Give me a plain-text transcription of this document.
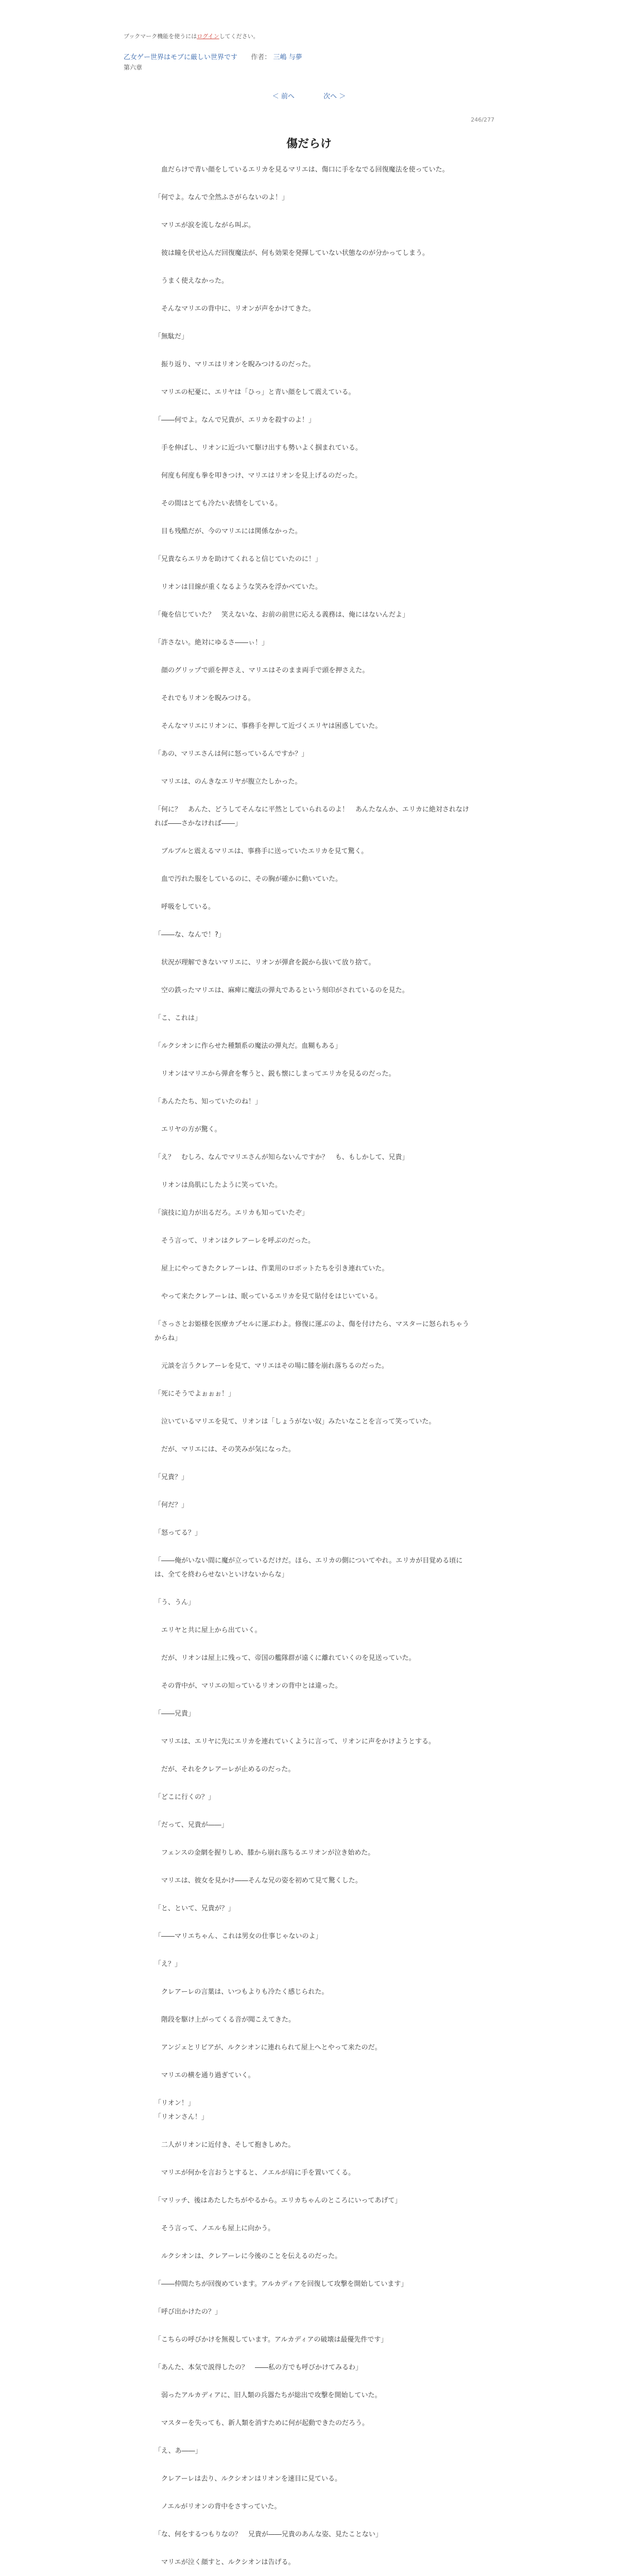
ブックマーク機能を使うにはログインしてください。
乙女ゲー世界はモブに厳しい世界です 作者： 三嶋 与夢
第六章
＜ 前へ	次へ ＞
246/277
傷だらけ

　血だらけで青い顔をしているエリカを見るマリエは、傷口に手をなでる回復魔法を使っていた。

「何でよ。なんで全然ふさがらないのよ！」

　マリエが涙を流しながら叫ぶ。

　彼は瞳を伏せ込んだ回復魔法が、何も効果を発揮していない状態なのが分かってしまう。

　うまく使えなかった。

　そんなマリエの背中に、リオンが声をかけてきた。

「無駄だ」

　振り返り、マリエはリオンを睨みつけるのだった。

　マリエの杞憂に、エリヤは「ひっ」と青い顔をして震えている。

「――何でよ。なんで兄貴が、エリカを殺すのよ！」

　手を伸ばし、リオンに近づいて駆け出すも勢いよく掴まれている。

　何度も何度も拳を叩きつけ、マリエはリオンを見上げるのだった。

　その間はとても冷たい表情をしている。

　目も残酷だが、今のマリエには関係なかった。

「兄貴ならエリカを助けてくれると信じていたのに！」

　リオンは目線が重くなるような笑みを浮かべていた。

「俺を信じていた？　笑えないな、お前の前世に応える義務は、俺にはないんだよ」

「許さない。絶対にゆるさ――ぃ！」

　顔のグリップで頭を押さえ、マリエはそのまま両手で頭を押さえた。

　それでもリオンを睨みつける。

　そんなマリエにリオンに、事務手を押して近づくエリヤは困惑していた。

「あの、マリエさんは何に怒っているんですか？」

　マリエは、のんきなエリヤが腹立たしかった。

「何に？　あんた、どうしてそんなに平然としていられるのよ！　あんたなんか、エリカに絶対されなければ――さかなければ――」

　ブルブルと震えるマリエは、事務手に送っていたエリカを見て驚く。

　血で汚れた服をしているのに、その胸が確かに動いていた。

　呼吸をしている。

「――な、なんで！?」

　状況が理解できないマリエに、リオンが弾倉を鋭から抜いて放り捨て。

　空の鉄ったマリエは、麻痺に魔法の弾丸であるという刻印がされているのを見た。

「こ、これは」

「ルクシオンに作らせた種類系の魔法の弾丸だ。血糊もある」

　リオンはマリエから弾倉を奪うと、鋭も懐にしまってエリカを見るのだった。

「あんたたち、知っていたのね！」

　エリヤの方が驚く。

「え？　むしろ、なんでマリエさんが知らないんですか？　も、もしかして、兄貴」

　リオンは鳥肌にしたように笑っていた。

「演技に迫力が出るだろ。エリカも知っていたぞ」

　そう言って、リオンはクレアーレを呼ぶのだった。

　屋上にやってきたクレアーレは、作業用のロボットたちを引き連れていた。

　やって来たクレアーレは、眠っているエリカを見て貼付をはじいている。

「さっさとお姫様を医療カプセルに運ぶわよ。修復に運ぶのよ、傷を付けたら、マスターに怒られちゃうからね」

　元談を言うクレアーレを見て、マリエはその場に膝を崩れ落ちるのだった。

「死にそうでよぉぉぉ！」

　泣いているマリエを見て、リオンは「しょうがない奴」みたいなことを言って笑っていた。

　だが、マリエには、その笑みが気になった。

「兄貴？」

「何だ？」

「怒ってる？」

「――俺がいない間に魔が立っているだけだ。ほら、エリカの側についてやれ。エリカが目覚める頃には、全てを終わらせないといけないからな」

「う、うん」

　エリヤと共に屋上から出ていく。

　だが、リオンは屋上に残って、帝国の艦隊群が遠くに離れていくのを見送っていた。

　その背中が、マリエの知っているリオンの背中とは違った。

「――兄貴」

　マリエは、エリヤに先にエリカを連れていくように言って、リオンに声をかけようとする。

　だが、それをクレアーレが止めるのだった。

「どこに行くの？」

「だって、兄貴が――」

　フェンスの金網を握りしめ、膝から崩れ落ちるエリオンが泣き始めた。

　マリエは、彼女を見かけ――そんな兄の姿を初めて見て驚くした。

「と、といて、兄貴が？」

「――マリエちゃん、これは男女の仕事じゃないのよ」

「え？」

　クレアーレの言葉は、いつもよりも冷たく感じられた。

　階段を駆け上がってくる音が聞こえてきた。

　アンジェとリビアが、ルクシオンに連れられて屋上へとやって来たのだ。

　マリエの横を通り過ぎていく。

「リオン！」
「リオンさん！」

　二人がリオンに近付き、そして抱きしめた。

　マリエが何かを言おうとすると、ノエルが肩に手を置いてくる。

「マリッチ、後はあたしたちがやるから。エリカちゃんのところにいってあげて」

　そう言って、ノエルも屋上に向かう。

　ルクシオンは、クレアーレに今後のことを伝えるのだった。

「――仲間たちが回復めています。アルカディアを回復して攻撃を開始しています」

「呼び出かけたの？」

「こちらの呼びかけを無視しています。アルカディアの破壊は最優先件です」

「あんた、本気で説得したの？　――私の方でも呼びかけてみるわ」

　弱ったアルカディアに、旧人類の兵器たちが総出で攻撃を開始していた。

　マスターを失っても、新人類を消すために何が起動できたのだろう。

「え、あ――」

　クレアーレは去り、ルクシオンはリオンを速目に見ている。

　ノエルがリオンの背中をさすっていた。

「な、何をするつもりなの？　兄貴が――兄貴のあんな姿、見たことない」

　マリエが泣く顔すと、ルクシオンは告げる。
